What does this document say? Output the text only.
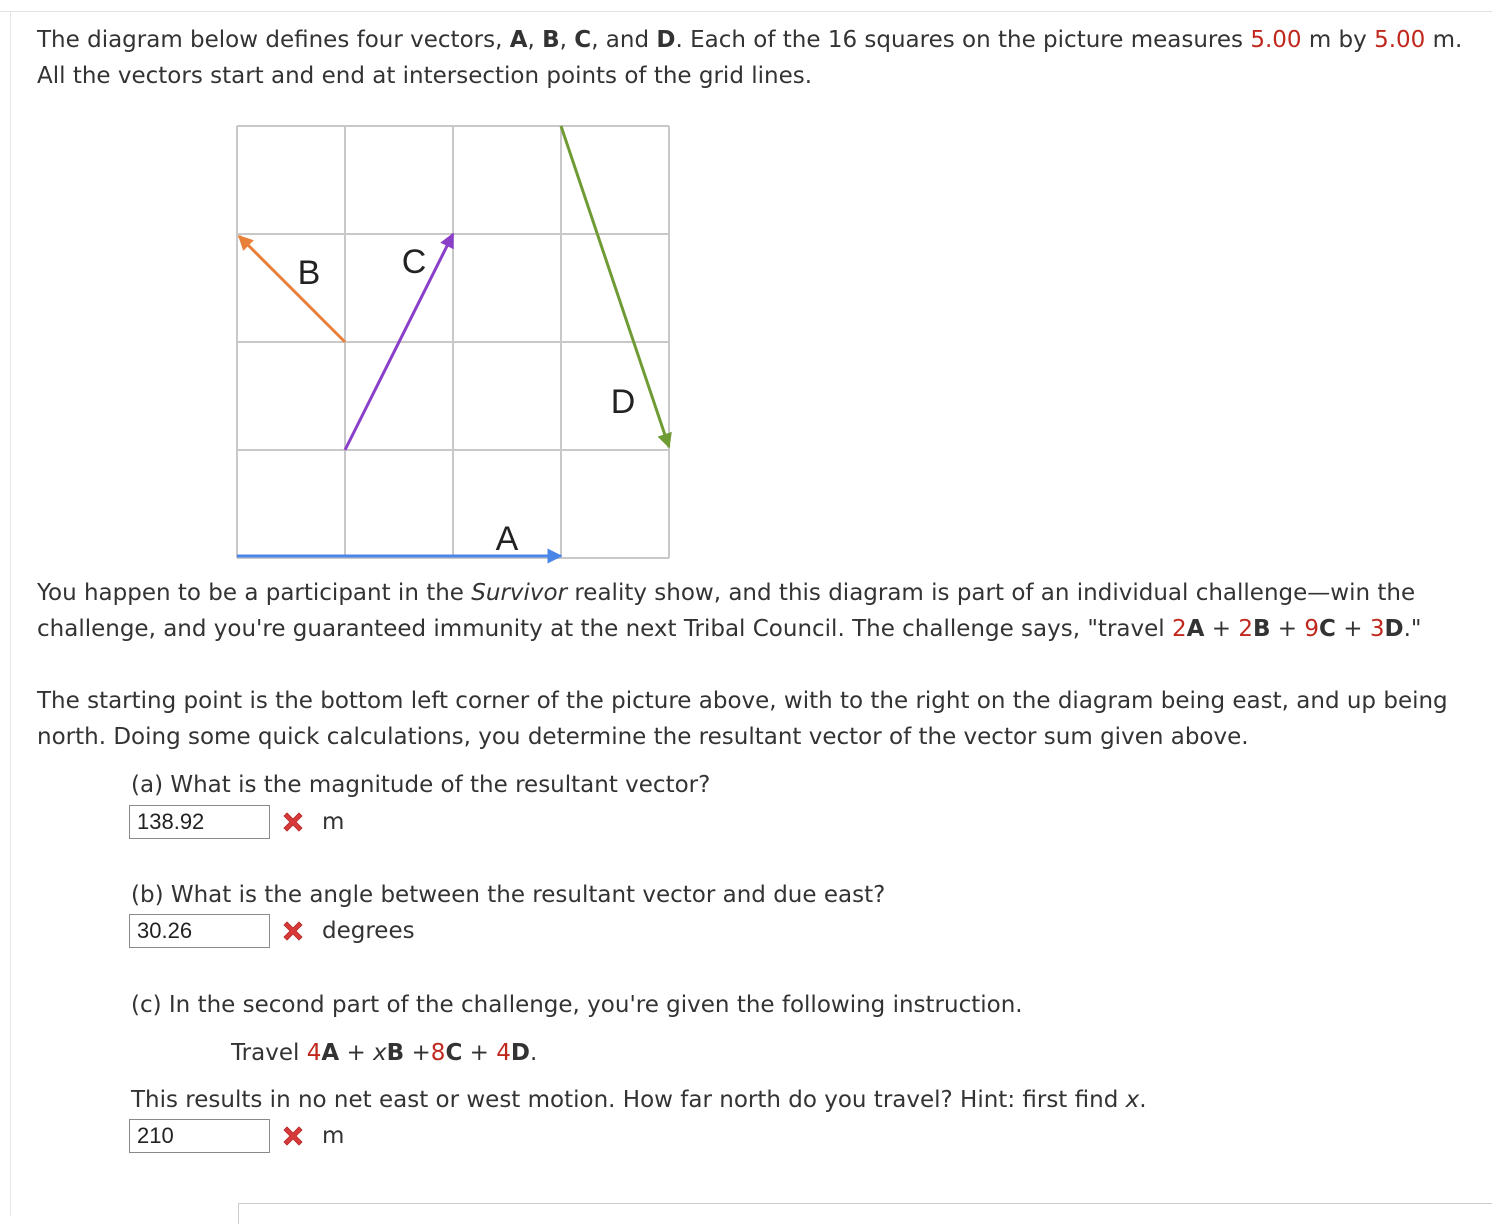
The diagram below defines four vectors, A, B, C, and D. Each of the 16 squares on the picture measures 5.00 m by 5.00 m. All the vectors start and end at intersection points of the grid lines.

A
B C
D

You happen to be a participant in the Survivor reality show, and this diagram is part of an individual challenge—win the challenge, and you're guaranteed immunity at the next Tribal Council. The challenge says, "travel 2A + 2B + 9C + 3D."

The starting point is the bottom left corner of the picture above, with to the right on the diagram being east, and up being north. Doing some quick calculations, you determine the resultant vector of the vector sum given above.

(a) What is the magnitude of the resultant vector?
138.92	m
(b) What is the angle between the resultant vector and due east?
30.26	degrees
(c) In the second part of the challenge, you're given the following instruction.
Travel 4A + xB +8C + 4D.
This results in no net east or west motion. How far north do you travel? Hint: first find x.
210	m
